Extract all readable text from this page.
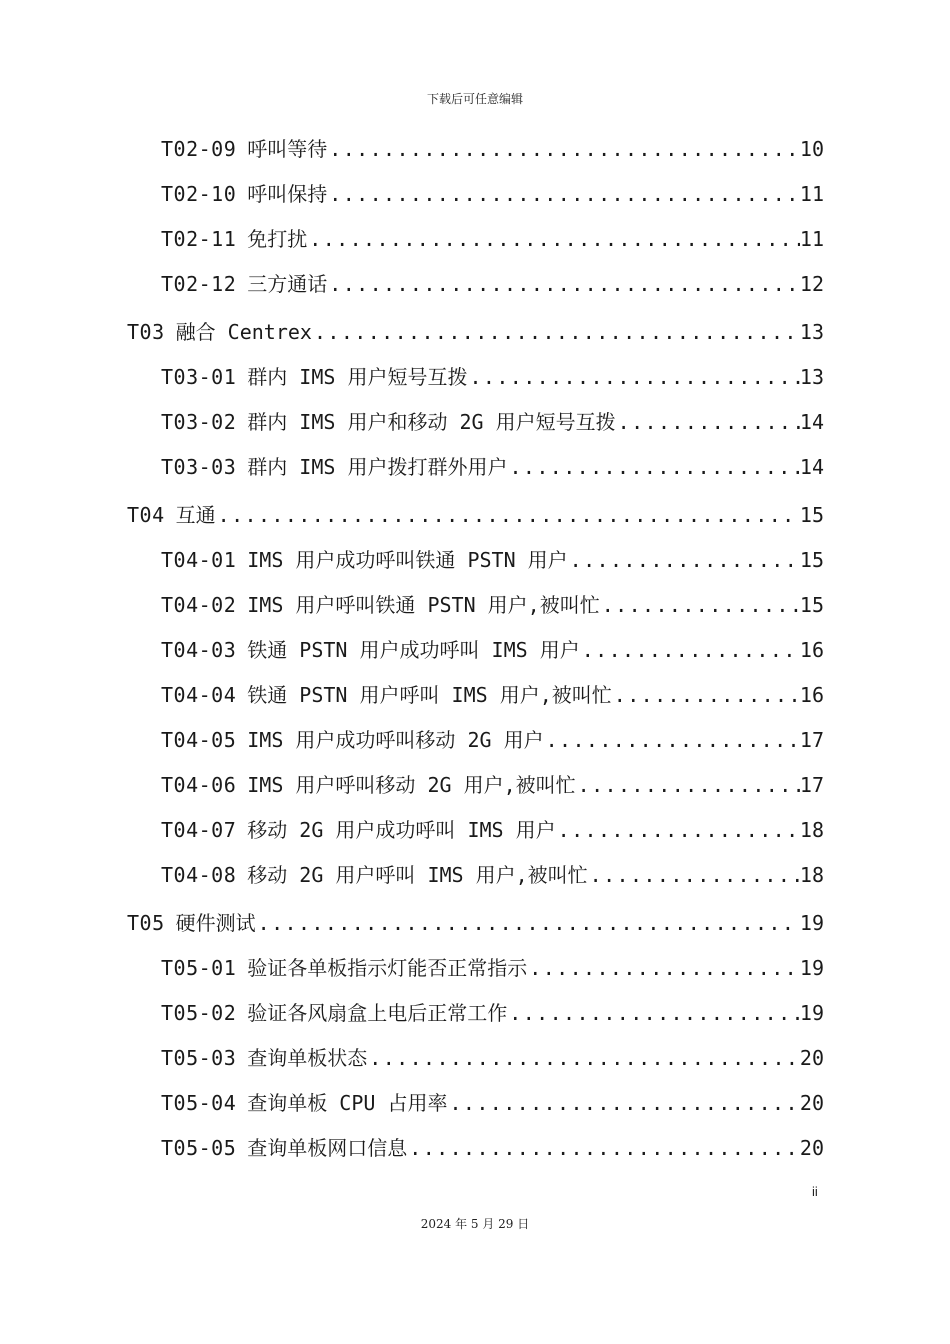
下载后可任意编辑
T02-09 呼叫等待 .....	10
T02-10 呼叫保持 .....	11
T02-11 免打扰 .....	11
T02-12 三方通话 .....	12
T03 融合 Centrex .....	13
T03-01 群内 IMS 用户短号互拨 .....	13
T03-02 群内 IMS 用户和移动 2G 用户短号互拨 .....	14
T03-03 群内 IMS 用户拨打群外用户 .....	14
T04 互通 .....	15
T04-01 IMS 用户成功呼叫铁通 PSTN 用户 .....	15
T04-02 IMS 用户呼叫铁通 PSTN 用户,被叫忙 .....	15
T04-03 铁通 PSTN 用户成功呼叫 IMS 用户 .....	16
T04-04 铁通 PSTN 用户呼叫 IMS 用户,被叫忙 .....	16
T04-05 IMS 用户成功呼叫移动 2G 用户 .....	17
T04-06 IMS 用户呼叫移动 2G 用户,被叫忙 .....	17
T04-07 移动 2G 用户成功呼叫 IMS 用户 .....	18
T04-08 移动 2G 用户呼叫 IMS 用户,被叫忙 .....	18
T05 硬件测试 .....	19
T05-01 验证各单板指示灯能否正常指示 .....	19
T05-02 验证各风扇盒上电后正常工作 .....	19
T05-03 查询单板状态 .....	20
T05-04 查询单板 CPU 占用率 .....	20
T05-05 查询单板网口信息 .....	20
ii
2024 年 5 月 29 日
